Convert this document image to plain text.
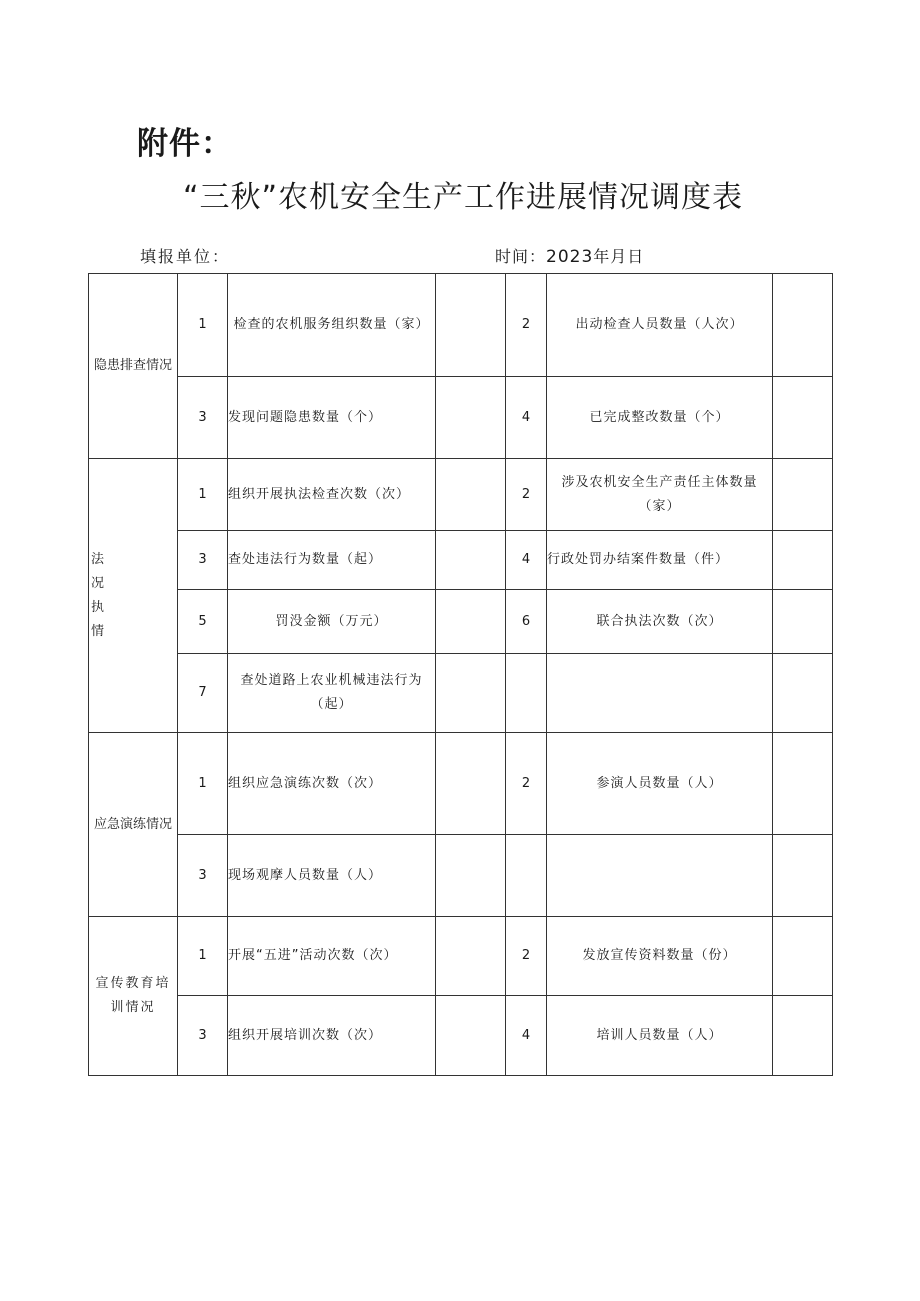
附件：
“三秋”农机安全生产工作进展情况调度表
填报单位：	时间：2023年月日
隐患排查情况	1	检查的农机服务组织数量（家）		2	出动检查人员数量（人次）	
	3	发现问题隐患数量（个）		4	已完成整改数量（个）	

法
况
执
情	1	组织开展执法检查次数（次）		2	涉及农机安全生产责任主体数量（家）	
	3	查处违法行为数量（起）		4	行政处罚办结案件数量（件）	
	5	罚没金额（万元）		6	联合执法次数（次）	
	7	查处道路上农业机械违法行为（起）				
应急演练情况	1	组织应急演练次数（次）		2	参演人员数量（人）	
	3	现场观摩人员数量（人）				
宣传教育培训情况	1	开展“五进”活动次数（次）		2	发放宣传资料数量（份）	
	3	组织开展培训次数（次）		4	培训人员数量（人）	
